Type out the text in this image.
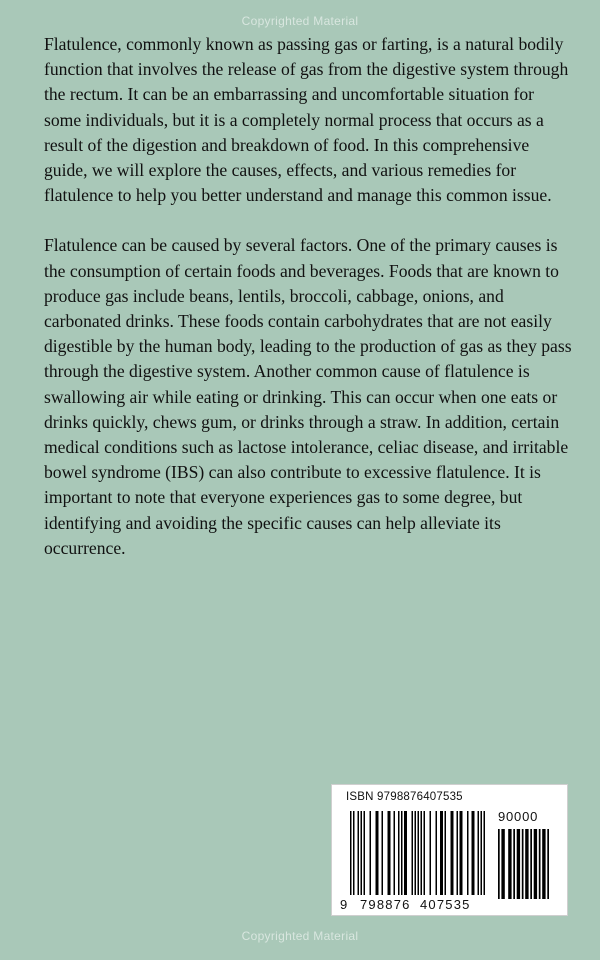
Copyrighted Material

Flatulence, commonly known as passing gas or farting, is a natural bodily function that involves the release of gas from the digestive system through the rectum. It can be an embarrassing and uncomfortable situation for some individuals, but it is a completely normal process that occurs as a result of the digestion and breakdown of food. In this comprehensive guide, we will explore the causes, effects, and various remedies for flatulence to help you better understand and manage this common issue.

Flatulence can be caused by several factors. One of the primary causes is the consumption of certain foods and beverages. Foods that are known to produce gas include beans, lentils, broccoli, cabbage, onions, and carbonated drinks. These foods contain carbohydrates that are not easily digestible by the human body, leading to the production of gas as they pass through the digestive system. Another common cause of flatulence is swallowing air while eating or drinking. This can occur when one eats or drinks quickly, chews gum, or drinks through a straw. In addition, certain medical conditions such as lactose intolerance, celiac disease, and irritable bowel syndrome (IBS) can also contribute to excessive flatulence. It is important to note that everyone experiences gas to some degree, but identifying and avoiding the specific causes can help alleviate its occurrence.

ISBN 9798876407535
90000
9 798876 407535
Copyrighted Material
